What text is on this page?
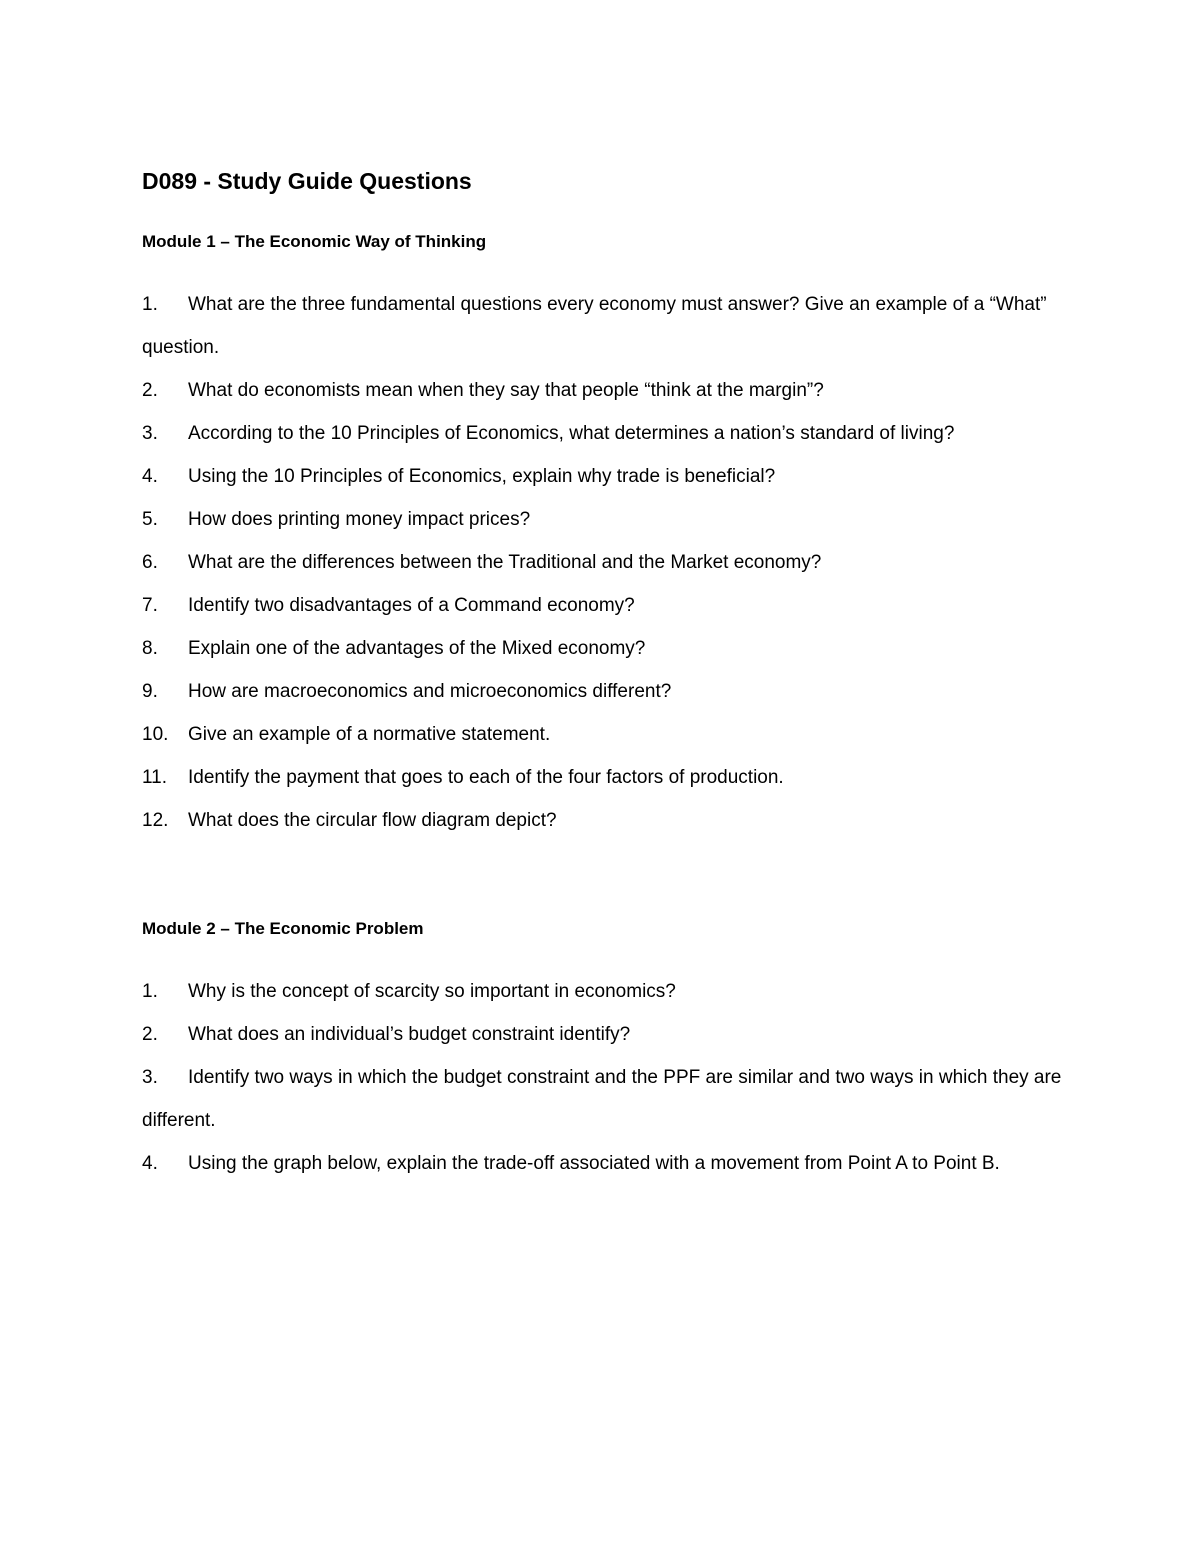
D089 - Study Guide Questions
Module 1 – The Economic Way of Thinking
1. What are the three fundamental questions every economy must answer? Give an example of a “What” question.
2.	What do economists mean when they say that people “think at the margin”?
3.	According to the 10 Principles of Economics, what determines a nation’s standard of living?
4.	Using the 10 Principles of Economics, explain why trade is beneficial?
5.	How does printing money impact prices?
6.	What are the differences between the Traditional and the Market economy?
7.	Identify two disadvantages of a Command economy?
8.	Explain one of the advantages of the Mixed economy?
9.	How are macroeconomics and microeconomics different?
10.	Give an example of a normative statement.
11.	Identify the payment that goes to each of the four factors of production.
12.	What does the circular flow diagram depict?
Module 2 – The Economic Problem
1.	Why is the concept of scarcity so important in economics?
2.	What does an individual’s budget constraint identify?
3. Identify two ways in which the budget constraint and the PPF are similar and two ways in which they are different.
4. Using the graph below, explain the trade-off associated with a movement from Point A to Point B.
